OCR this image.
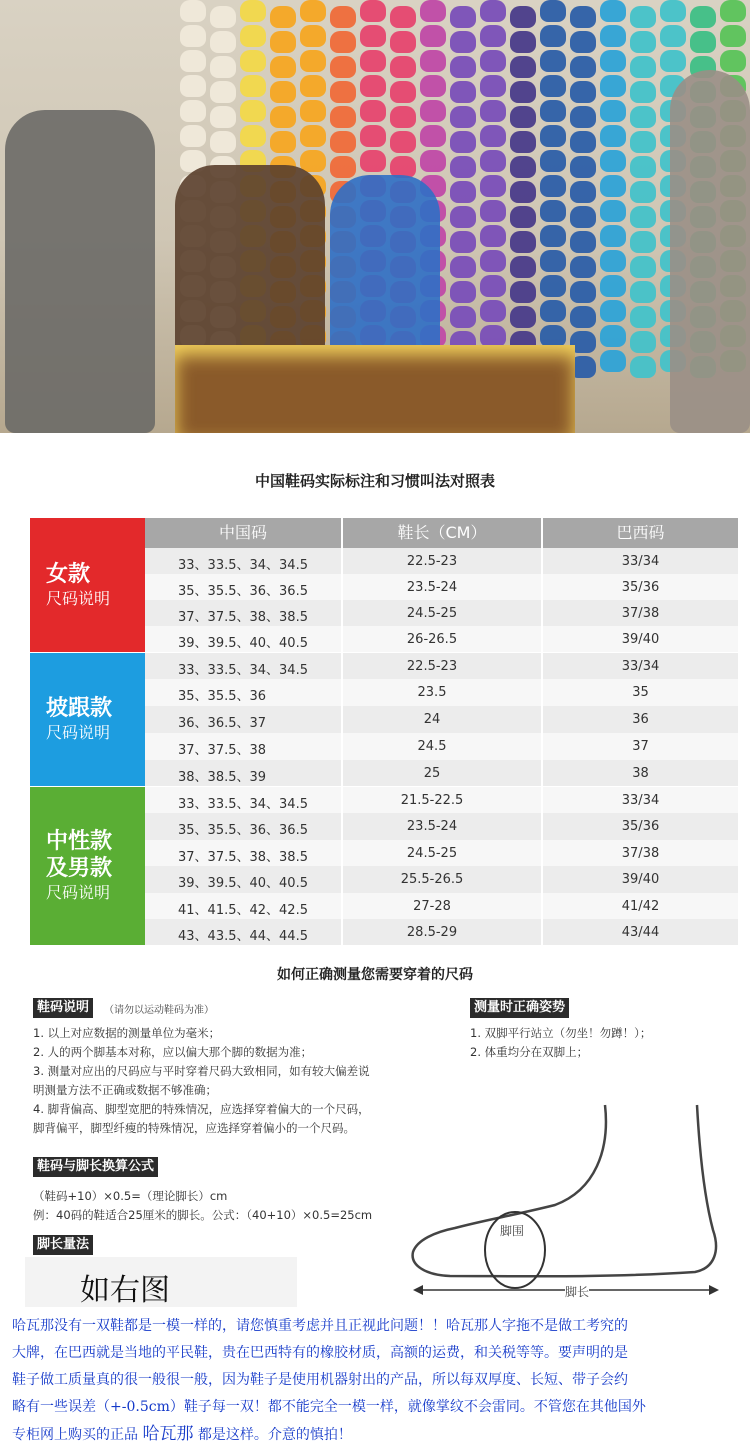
中国鞋码实际标注和习惯叫法对照表
中国码	鞋长（CM）	巴西码
女款
尺码说明
33、33.5、34、34.5	22.5-23	33/34
35、35.5、36、36.5	23.5-24	35/36
37、37.5、38、38.5	24.5-25	37/38
39、39.5、40、40.5	26-26.5	39/40
坡跟款
尺码说明
33、33.5、34、34.5	22.5-23	33/34
35、35.5、36	23.5	35
36、36.5、37	24	36
37、37.5、38	24.5	37
38、38.5、39	25	38
中性款
及男款
尺码说明
33、33.5、34、34.5	21.5-22.5	33/34
35、35.5、36、36.5	23.5-24	35/36
37、37.5、38、38.5	24.5-25	37/38
39、39.5、40、40.5	25.5-26.5	39/40
41、41.5、42、42.5	27-28	41/42
43、43.5、44、44.5	28.5-29	43/44
如何正确测量您需要穿着的尺码
鞋码说明	（请勿以运动鞋码为准）
1. 以上对应数据的测量单位为毫米；
2. 人的两个脚基本对称，应以偏大那个脚的数据为准；
3. 测量对应出的尺码应与平时穿着尺码大致相同，如有较大偏差说
明测量方法不正确或数据不够准确；
4. 脚背偏高、脚型宽肥的特殊情况，应选择穿着偏大的一个尺码，
脚背偏平，脚型纤瘦的特殊情况，应选择穿着偏小的一个尺码。
测量时正确姿势
1. 双脚平行站立（勿坐！勿蹲！）；
2. 体重均分在双脚上；
鞋码与脚长换算公式
（鞋码+10）×0.5=（理论脚长）cm
例：40码的鞋适合25厘米的脚长。公式：（40+10）×0.5=25cm
脚长量法
如右图
脚围
脚长
哈瓦那没有一双鞋都是一模一样的，请您慎重考虑并且正视此问题！！哈瓦那人字拖不是做工考究的
大牌，在巴西就是当地的平民鞋，贵在巴西特有的橡胶材质，高额的运费，和关税等等。要声明的是
鞋子做工质量真的很一般很一般，因为鞋子是使用机器射出的产品，所以每双厚度、长短、带子会约
略有一些误差（+-0.5cm）鞋子每一双！都不能完全一模一样，就像掌纹不会雷同。不管您在其他国外
专柜网上购买的正品 哈瓦那 都是这样。介意的慎拍！
